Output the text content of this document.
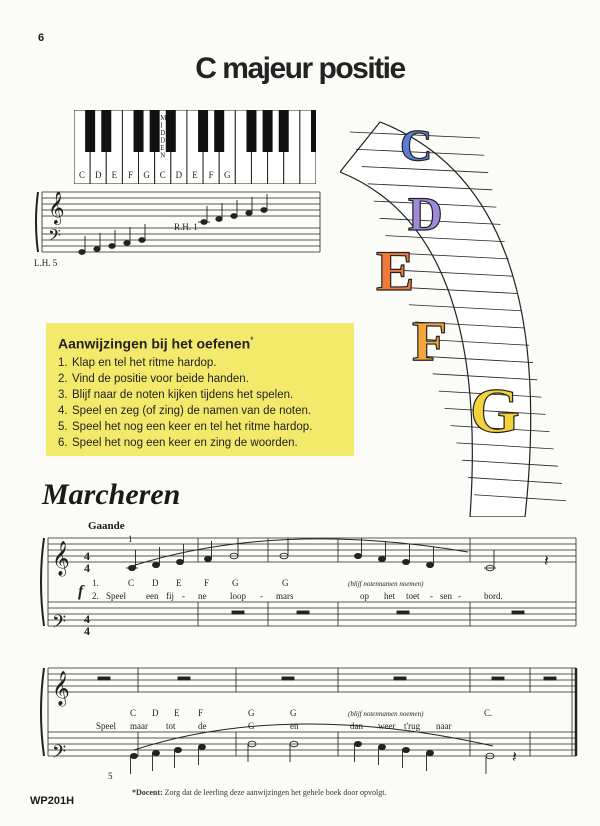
6
C majeur positie
C D E F G C D E F G
M I D D E N
𝄞
𝄢	R.H. 1
L.H. 5
Aanwijzingen bij het oefenen*
1. Klap en tel het ritme hardop.
2. Vind de positie voor beide handen.
3. Blijf naar de noten kijken tijdens het spelen.
4. Speel en zeg (of zing) de namen van de noten.
5. Speel het nog een keer en tel het ritme hardop.
6. Speel het nog een keer en zing de woorden.
C
D
E
F
G
Marcheren
Gaande
𝄞
𝄢
4
4
4
4
f
1
𝄽
1.	C D E	F	G	G	(blijf notennamen noemen)
2. Speel een fij - ne	loop - mars	op het toet - sen -	bord.
𝄞
𝄢
5
𝄽
C D E F	G	G	(blijf notennamen noemen)	C.
Speel maar tot de	G	en	dan weer t'rug naar
WP201H
*Docent: Zorg dat de leerling deze aanwijzingen het gehele boek door opvolgt.
